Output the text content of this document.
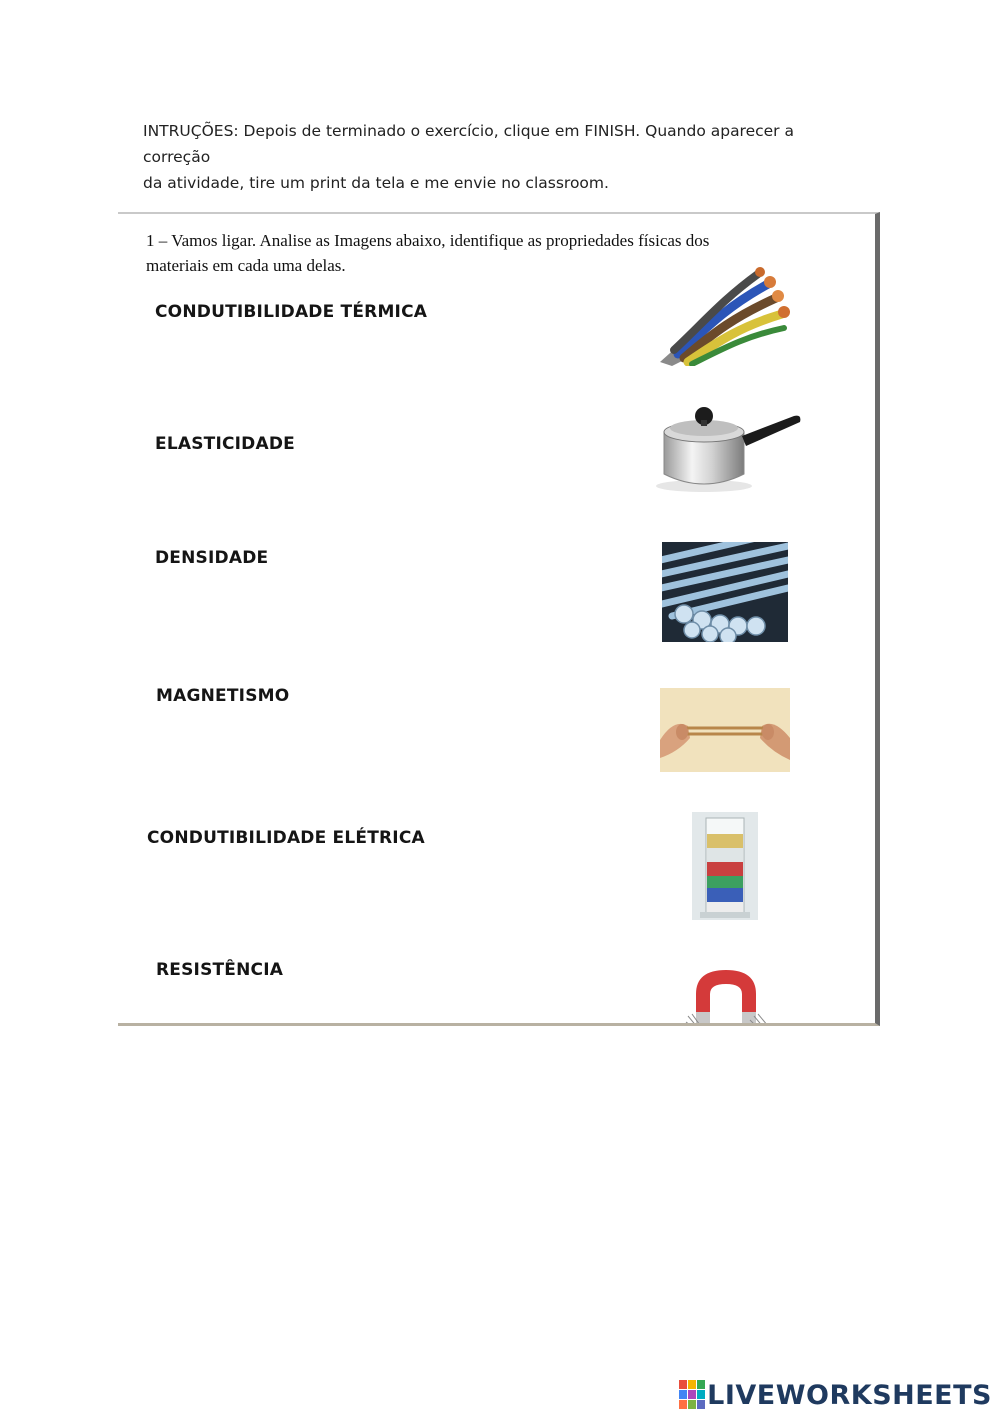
INTRUÇÕES: Depois de terminado o exercício, clique em FINISH. Quando aparecer a correção
da atividade, tire um print da tela e me envie no classroom.
1 – Vamos ligar. Analise as Imagens abaixo, identifique as propriedades físicas dos
materiais em cada uma delas.
CONDUTIBILIDADE TÉRMICA
ELASTICIDADE
DENSIDADE
MAGNETISMO
CONDUTIBILIDADE ELÉTRICA
RESISTÊNCIA
LIVEWORKSHEETS
